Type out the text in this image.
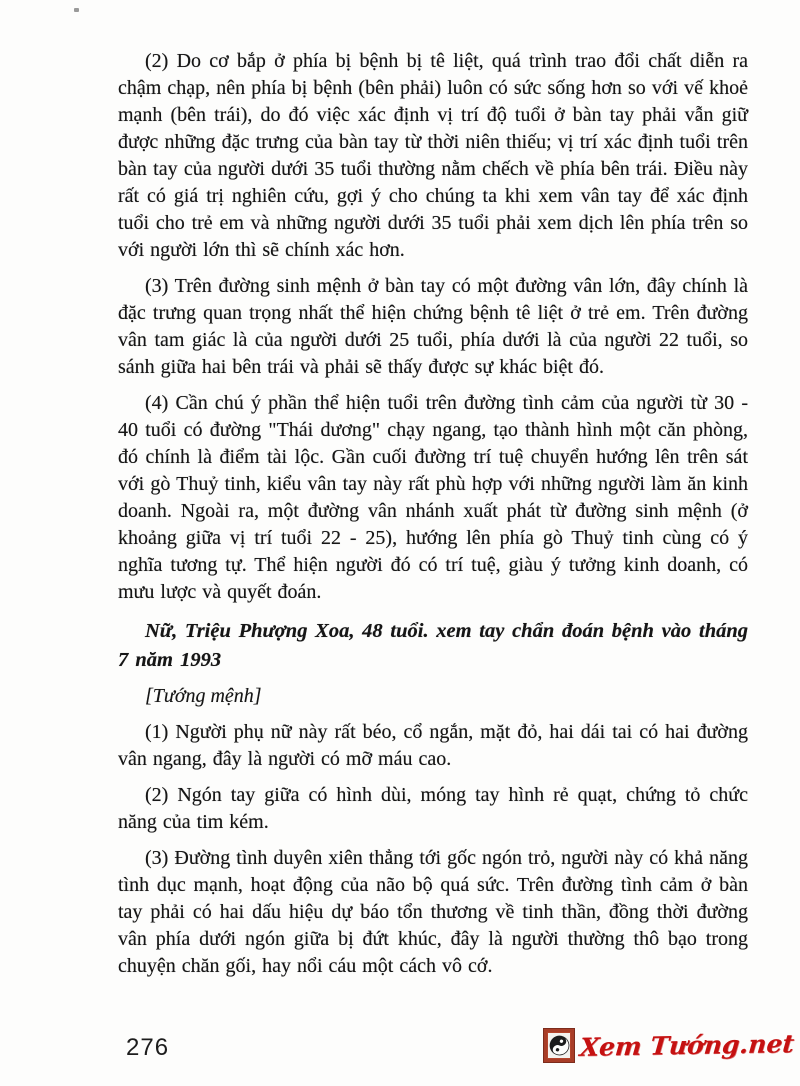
(2) Do cơ bắp ở phía bị bệnh bị tê liệt, quá trình trao đổi chất diễn ra chậm chạp, nên phía bị bệnh (bên phải) luôn có sức sống hơn so với vế khoẻ mạnh (bên trái), do đó việc xác định vị trí độ tuổi ở bàn tay phải vẫn giữ được những đặc trưng của bàn tay từ thời niên thiếu; vị trí xác định tuổi trên bàn tay của người dưới 35 tuổi thường nằm chếch về phía bên trái. Điều này rất có giá trị nghiên cứu, gợi ý cho chúng ta khi xem vân tay để xác định tuổi cho trẻ em và những người dưới 35 tuổi phải xem dịch lên phía trên so với người lớn thì sẽ chính xác hơn.

(3) Trên đường sinh mệnh ở bàn tay có một đường vân lớn, đây chính là đặc trưng quan trọng nhất thể hiện chứng bệnh tê liệt ở trẻ em. Trên đường vân tam giác là của người dưới 25 tuổi, phía dưới là của người 22 tuổi, so sánh giữa hai bên trái và phải sẽ thấy được sự khác biệt đó.

(4) Cần chú ý phần thể hiện tuổi trên đường tình cảm của người từ 30 - 40 tuổi có đường "Thái dương" chạy ngang, tạo thành hình một căn phòng, đó chính là điểm tài lộc. Gần cuối đường trí tuệ chuyển hướng lên trên sát với gò Thuỷ tinh, kiểu vân tay này rất phù hợp với những người làm ăn kinh doanh. Ngoài ra, một đường vân nhánh xuất phát từ đường sinh mệnh (ở khoảng giữa vị trí tuổi 22 - 25), hướng lên phía gò Thuỷ tinh cùng có ý nghĩa tương tự. Thể hiện người đó có trí tuệ, giàu ý tưởng kinh doanh, có mưu lược và quyết đoán.

Nữ, Triệu Phượng Xoa, 48 tuổi. xem tay chẩn đoán bệnh vào tháng 7 năm 1993

[Tướng mệnh]

(1) Người phụ nữ này rất béo, cổ ngắn, mặt đỏ, hai dái tai có hai đường vân ngang, đây là người có mỡ máu cao.

(2) Ngón tay giữa có hình dùi, móng tay hình rẻ quạt, chứng tỏ chức năng của tim kém.

(3) Đường tình duyên xiên thẳng tới gốc ngón trỏ, người này có khả năng tình dục mạnh, hoạt động của não bộ quá sức. Trên đường tình cảm ở bàn tay phải có hai dấu hiệu dự báo tổn thương về tinh thần, đồng thời đường vân phía dưới ngón giữa bị đứt khúc, đây là người thường thô bạo trong chuyện chăn gối, hay nổi cáu một cách vô cớ.

276	Xem Tướng.net
